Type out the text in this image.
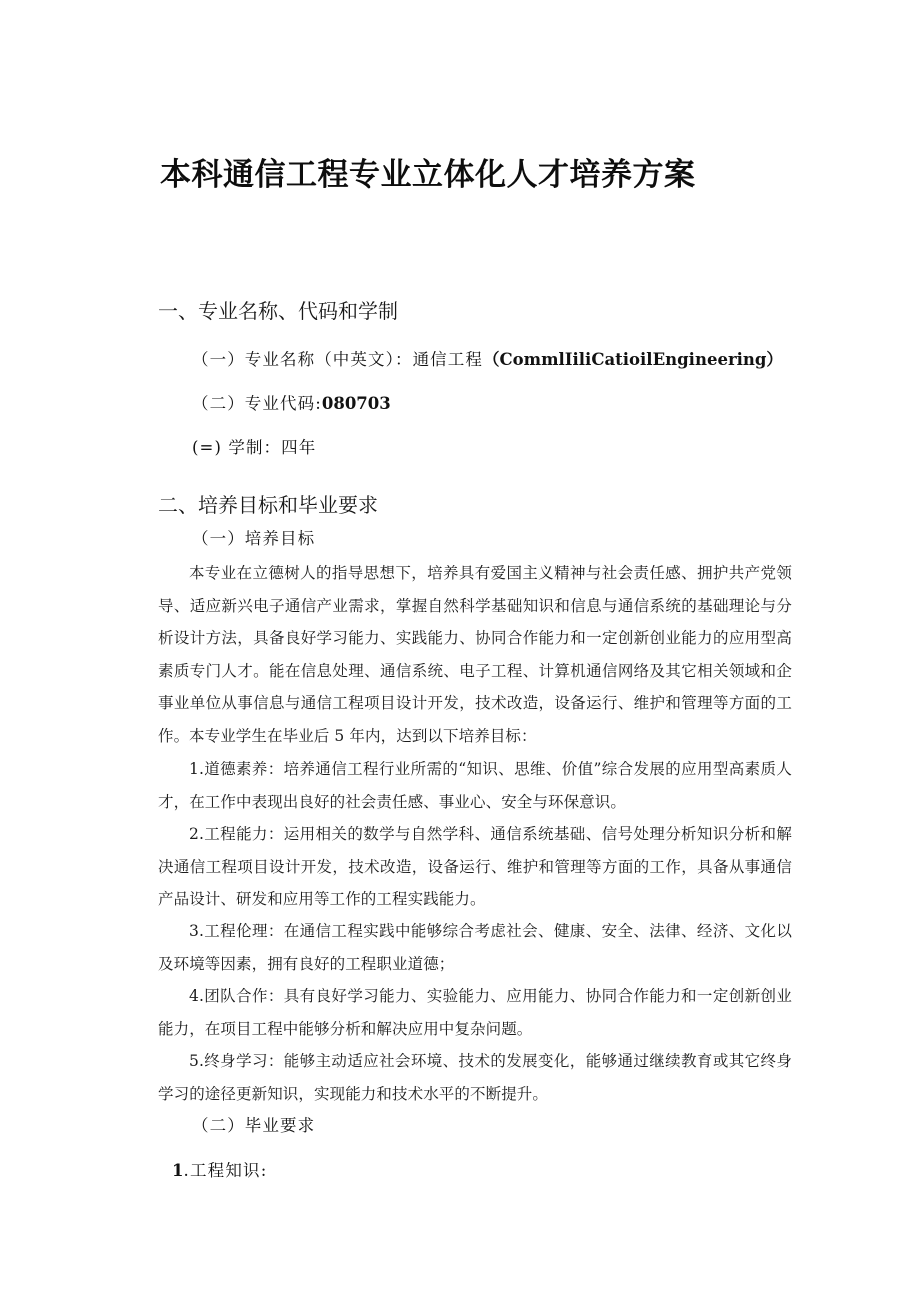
本科通信工程专业立体化人才培养方案
一、专业名称、代码和学制
（一）专业名称（中英文）：通信工程（CommlIiliCatioilEngineering）
（二）专业代码:080703
(=) 学制：四年
二、培养目标和毕业要求
（一）培养目标

本专业在立德树人的指导思想下，培养具有爱国主义精神与社会责任感、拥护共产党领导、适应新兴电子通信产业需求，掌握自然科学基础知识和信息与通信系统的基础理论与分析设计方法，具备良好学习能力、实践能力、协同合作能力和一定创新创业能力的应用型高素质专门人才。能在信息处理、通信系统、电子工程、计算机通信网络及其它相关领域和企事业单位从事信息与通信工程项目设计开发，技术改造，设备运行、维护和管理等方面的工作。 本专业学生在毕业后 5 年内，达到以下培养目标：

1.道德素养：培养通信工程行业所需的“知识、思维、价值”综合发展的应用型高素质人才，在工作中表现出良好的社会责任感、事业心、安全与环保意识。

2.工程能力：运用相关的数学与自然学科、通信系统基础、信号处理分析知识分析和解决通信工程项目设计开发，技术改造，设备运行、维护和管理等方面的工作，具备从事通信产品设计、研发和应用等工作的工程实践能力。

3.工程伦理：在通信工程实践中能够综合考虑社会、健康、安全、法律、经济、文化以及环境等因素，拥有良好的工程职业道德；

4.团队合作：具有良好学习能力、实验能力、应用能力、协同合作能力和一定创新创业能力，在项目工程中能够分析和解决应用中复杂问题。

5.终身学习：能够主动适应社会环境、技术的发展变化，能够通过继续教育或其它终身学习的途径更新知识，实现能力和技术水平的不断提升。

（二）毕业要求
1.工程知识:
